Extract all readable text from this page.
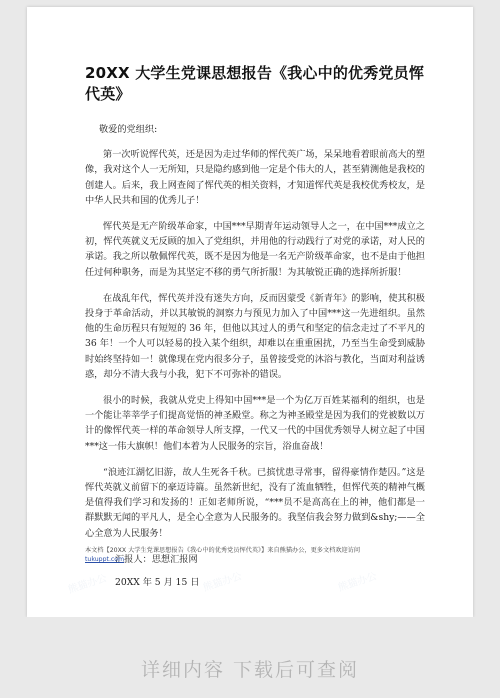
熊猫办公	熊猫办公	熊猫办公
20XX 大学生党课思想报告《我心中的优秀党员恽代英》
敬爱的党组织:

第一次听说恽代英，还是因为走过华师的恽代英广场，呆呆地看着眼前高大的塑像，我对这个人一无所知，只是隐约感到他一定是个伟大的人，甚至猜测他是我校的创建人。后来，我上网查阅了恽代英的相关资料，才知道恽代英是我校优秀校友，是中华人民共和国的优秀儿子！

恽代英是无产阶级革命家，中国***早期青年运动领导人之一，在中国***成立之初，恽代英就义无反顾的加入了党组织，并用他的行动践行了对党的承诺，对人民的承诺。我之所以敬佩恽代英，既不是因为他是一名无产阶级革命家，也不是由于他担任过何种职务，而是为其坚定不移的勇气所折服！为其敏锐正确的选择所折服！

在战乱年代，恽代英并没有迷失方向，反而因蒙受《新青年》的影响，使其积极投身于革命活动，并以其敏锐的洞察力与预见力加入了中国***这一先进组织。虽然他的生命历程只有短短的 36 年，但他以其过人的勇气和坚定的信念走过了不平凡的 36 年！一个人可以轻易的投入某个组织，却难以在重重困扰，乃至当生命受到威胁时始终坚持如一！就像现在党内很多分子，虽曾接受党的沐浴与教化，当面对利益诱惑，却分不清大我与小我，犯下不可弥补的错误。

很小的时候，我就从党史上得知中国***是一个为亿万百姓某福利的组织，也是一个能让莘莘学子们提高觉悟的神圣殿堂。称之为神圣殿堂是因为我们的党被数以万计的像恽代英一样的革命领导人所支撑，一代又一代的中国优秀领导人树立起了中国***这一伟大旗帜！他们本着为人民服务的宗旨，浴血奋战！

“浪迹江湖忆旧游，故人生死各千秋。已摈忧患寻常事，留得豪情作楚囚。”这是恽代英就义前留下的豪迈诗篇。虽然新世纪，没有了流血牺牲，但恽代英的精神气概是值得我们学习和发扬的！正如老师所说，“***员不是高高在上的神，他们都是一群默默无闻的平凡人，是全心全意为人民服务的。我坚信我会努力做到&shy;——全心全意为人民服务！

汇报人：思想汇报网
20XX 年 5 月 15 日
本文档【20XX 大学生党课思想报告《我心中的优秀党员恽代英》】来自熊猫办公，更多文档欢迎访问
tukuppt.com
详细内容 下载后可查阅
